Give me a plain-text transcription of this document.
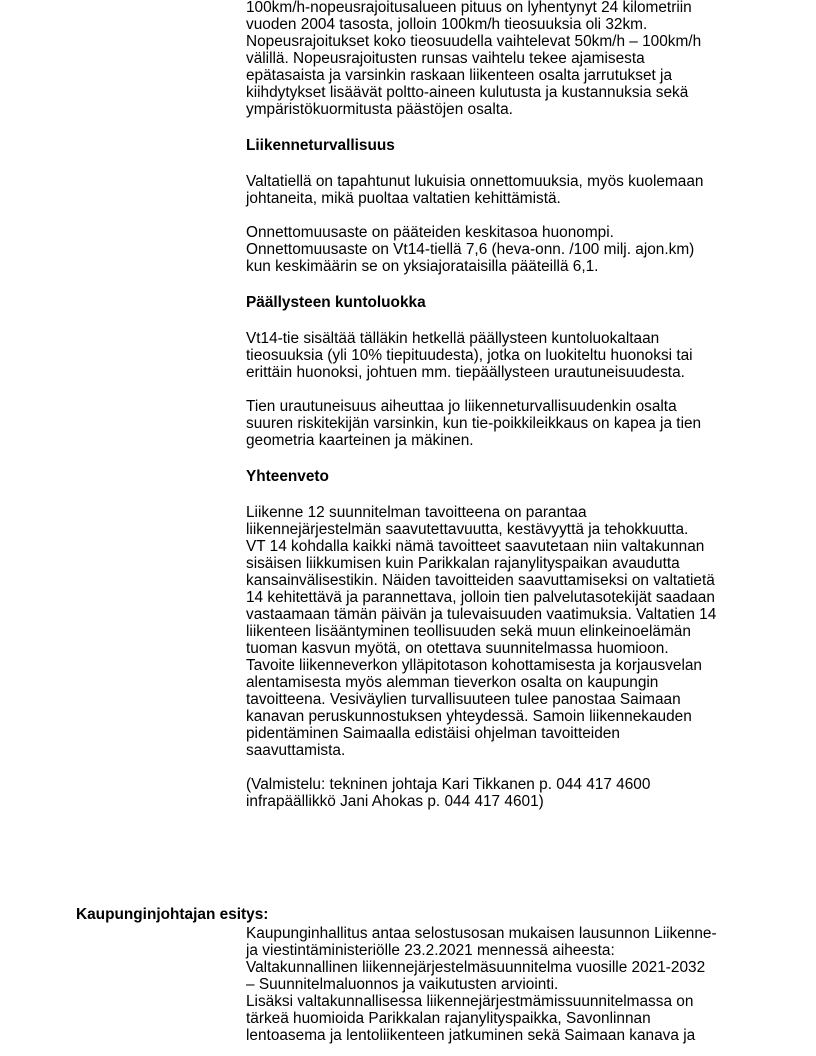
100km/h-nopeusrajoitusalueen pituus on lyhentynyt 24 kilometriin
vuoden 2004 tasosta, jolloin 100km/h tieosuuksia oli 32km.
Nopeusrajoitukset koko tieosuudella vaihtelevat 50km/h – 100km/h
välillä. Nopeusrajoitusten runsas vaihtelu tekee ajamisesta
epätasaista ja varsinkin raskaan liikenteen osalta jarrutukset ja
kiihdytykset lisäävät poltto-aineen kulutusta ja kustannuksia sekä
ympäristökuormitusta päästöjen osalta.

Liikenneturvallisuus

Valtatiellä on tapahtunut lukuisia onnettomuuksia, myös kuolemaan
johtaneita, mikä puoltaa valtatien kehittämistä.

Onnettomuusaste on pääteiden keskitasoa huonompi.
Onnettomuusaste on Vt14-tiellä 7,6 (heva-onn. /100 milj. ajon.km)
kun keskimäärin se on yksiajorataisilla pääteillä 6,1.

Päällysteen kuntoluokka

Vt14-tie sisältää tälläkin hetkellä päällysteen kuntoluokaltaan
tieosuuksia (yli 10% tiepituudesta), jotka on luokiteltu huonoksi tai
erittäin huonoksi, johtuen mm. tiepäällysteen urautuneisuudesta.

Tien urautuneisuus aiheuttaa jo liikenneturvallisuudenkin osalta
suuren riskitekijän varsinkin, kun tie-poikkileikkaus on kapea ja tien
geometria kaarteinen ja mäkinen.

Yhteenveto

Liikenne 12 suunnitelman tavoitteena on parantaa
liikennejärjestelmän saavutettavuutta, kestävyyttä ja tehokkuutta.
VT 14 kohdalla kaikki nämä tavoitteet saavutetaan niin valtakunnan
sisäisen liikkumisen kuin Parikkalan rajanylityspaikan avaudutta
kansainvälisestikin. Näiden tavoitteiden saavuttamiseksi on valtatietä
14 kehitettävä ja parannettava, jolloin tien palvelutasotekijät saadaan
vastaamaan tämän päivän ja tulevaisuuden vaatimuksia. Valtatien 14
liikenteen lisääntyminen teollisuuden sekä muun elinkeinoelämän
tuoman kasvun myötä, on otettava suunnitelmassa huomioon.
Tavoite liikenneverkon ylläpitotason kohottamisesta ja korjausvelan
alentamisesta myös alemman tieverkon osalta on kaupungin
tavoitteena. Vesiväylien turvallisuuteen tulee panostaa Saimaan
kanavan peruskunnostuksen yhteydessä. Samoin liikennekauden
pidentäminen Saimaalla edistäisi ohjelman tavoitteiden
saavuttamista.

(Valmistelu: tekninen johtaja Kari Tikkanen p. 044 417 4600
infrapäällikkö Jani Ahokas p. 044 417 4601)

Kaupunginjohtajan esitys:

Kaupunginhallitus antaa selostusosan mukaisen lausunnon Liikenne-
ja viestintäministeriölle 23.2.2021 mennessä aiheesta:
Valtakunnallinen liikennejärjestelmäsuunnitelma vuosille 2021-2032
– Suunnitelmaluonnos ja vaikutusten arviointi.
Lisäksi valtakunnallisessa liikennejärjestmämissuunnitelmassa on
tärkeä huomioida Parikkalan rajanylityspaikka, Savonlinnan
lentoasema ja lentoliikenteen jatkuminen sekä Saimaan kanava ja
